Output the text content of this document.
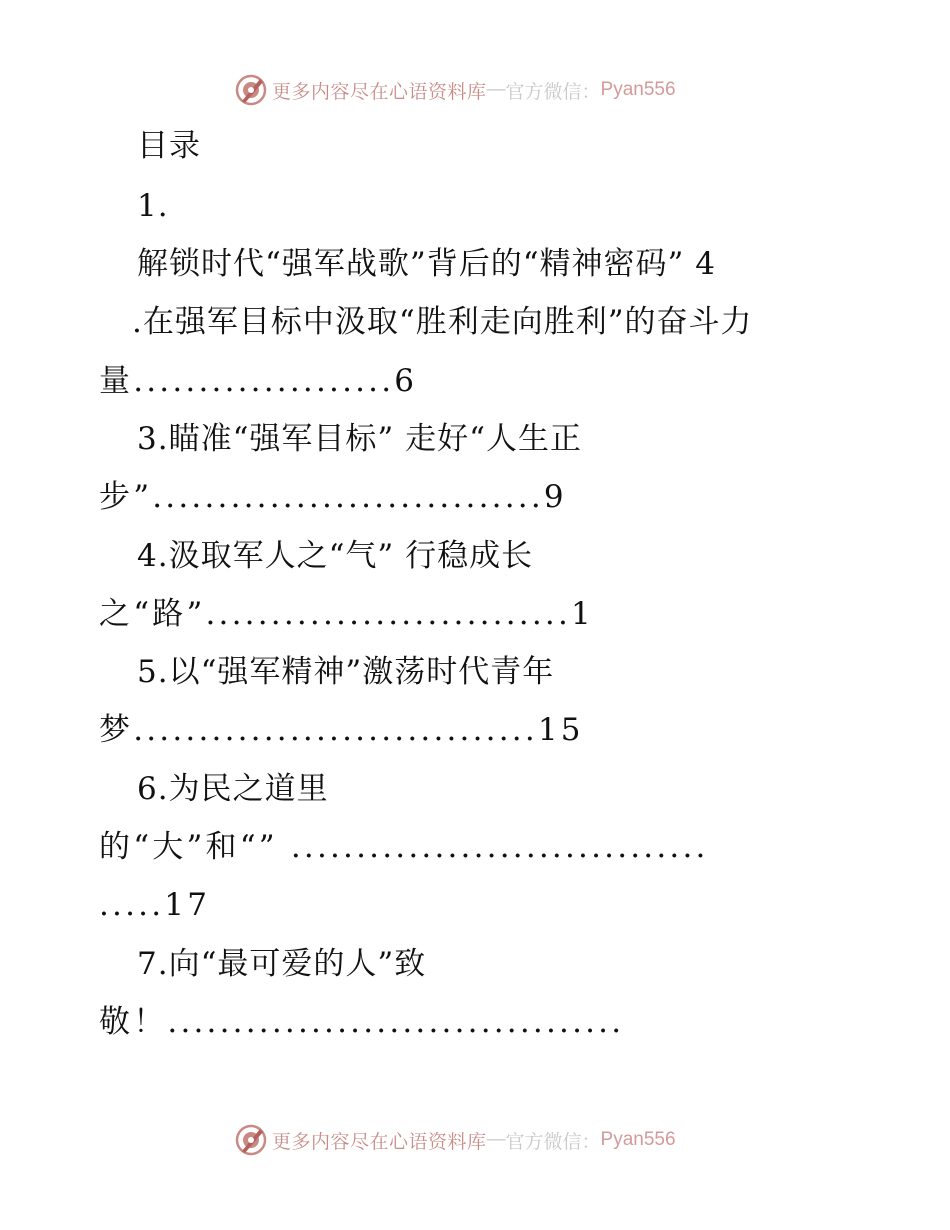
更多内容尽在心语资料库 — 官方微信： Pyan556
目录
1.
解锁时代“强军战歌”背后的“精神密码” 4
.在强军目标中汲取“胜利走向胜利”的奋斗力
量....................6
3.瞄准“强军目标” 走好“人生正
步”..............................9
4.汲取军人之“气” 行稳成长
之“路”............................1
5.以“强军精神”激荡时代青年
梦...............................15
6.为民之道里
的“大”和“” ................................
.....17
7.向“最可爱的人”致
敬！...................................
更多内容尽在心语资料库 — 官方微信： Pyan556
